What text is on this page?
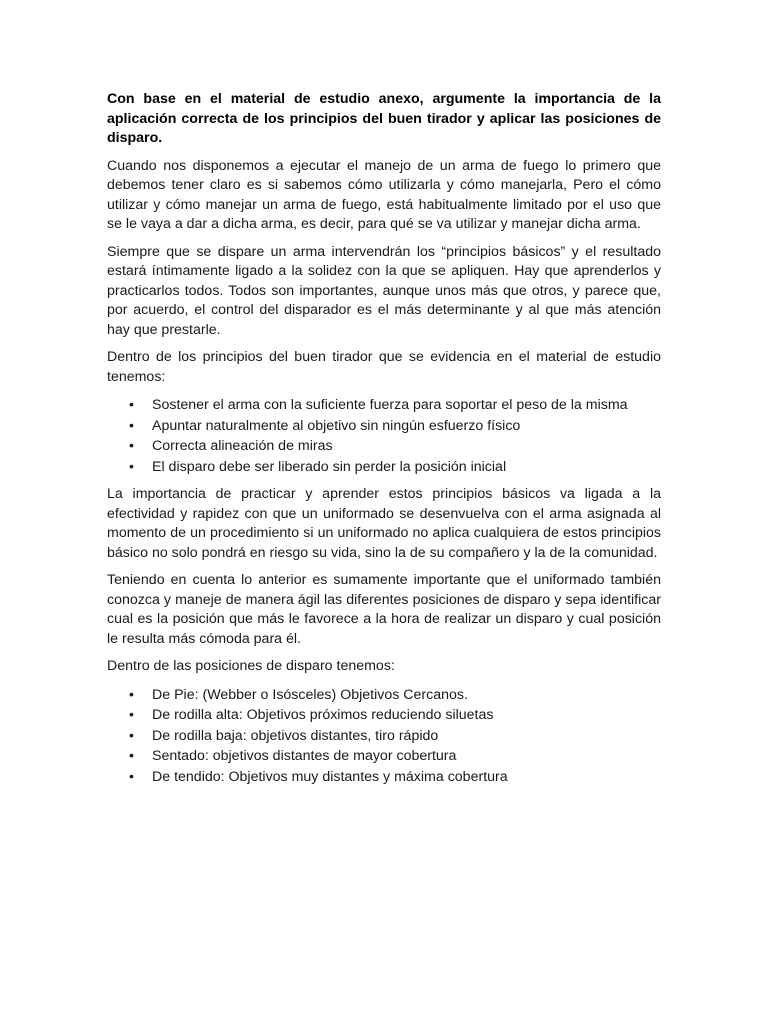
Con base en el material de estudio anexo, argumente la importancia de la aplicación correcta de los principios del buen tirador y aplicar las posiciones de disparo.

Cuando nos disponemos a ejecutar el manejo de un arma de fuego lo primero que debemos tener claro es si sabemos cómo utilizarla y cómo manejarla, Pero el cómo utilizar y cómo manejar un arma de fuego, está habitualmente limitado por el uso que se le vaya a dar a dicha arma, es decir, para qué se va utilizar y manejar dicha arma.

Siempre que se dispare un arma intervendrán los “principios básicos” y el resultado estará íntimamente ligado a la solidez con la que se apliquen. Hay que aprenderlos y practicarlos todos. Todos son importantes, aunque unos más que otros, y parece que, por acuerdo, el control del disparador es el más determinante y al que más atención hay que prestarle.

Dentro de los principios del buen tirador que se evidencia en el material de estudio tenemos:

• Sostener el arma con la suficiente fuerza para soportar el peso de la misma
• Apuntar naturalmente al objetivo sin ningún esfuerzo físico
• Correcta alineación de miras
• El disparo debe ser liberado sin perder la posición inicial

La importancia de practicar y aprender estos principios básicos va ligada a la efectividad y rapidez con que un uniformado se desenvuelva con el arma asignada al momento de un procedimiento si un uniformado no aplica cualquiera de estos principios básico no solo pondrá en riesgo su vida, sino la de su compañero y la de la comunidad.

Teniendo en cuenta lo anterior es sumamente importante que el uniformado también conozca y maneje de manera ágil las diferentes posiciones de disparo y sepa identificar cual es la posición que más le favorece a la hora de realizar un disparo y cual posición le resulta más cómoda para él.

Dentro de las posiciones de disparo tenemos:

• De Pie: (Webber o Isósceles) Objetivos Cercanos.
• De rodilla alta: Objetivos próximos reduciendo siluetas
• De rodilla baja: objetivos distantes, tiro rápido
• Sentado: objetivos distantes de mayor cobertura
• De tendido: Objetivos muy distantes y máxima cobertura
